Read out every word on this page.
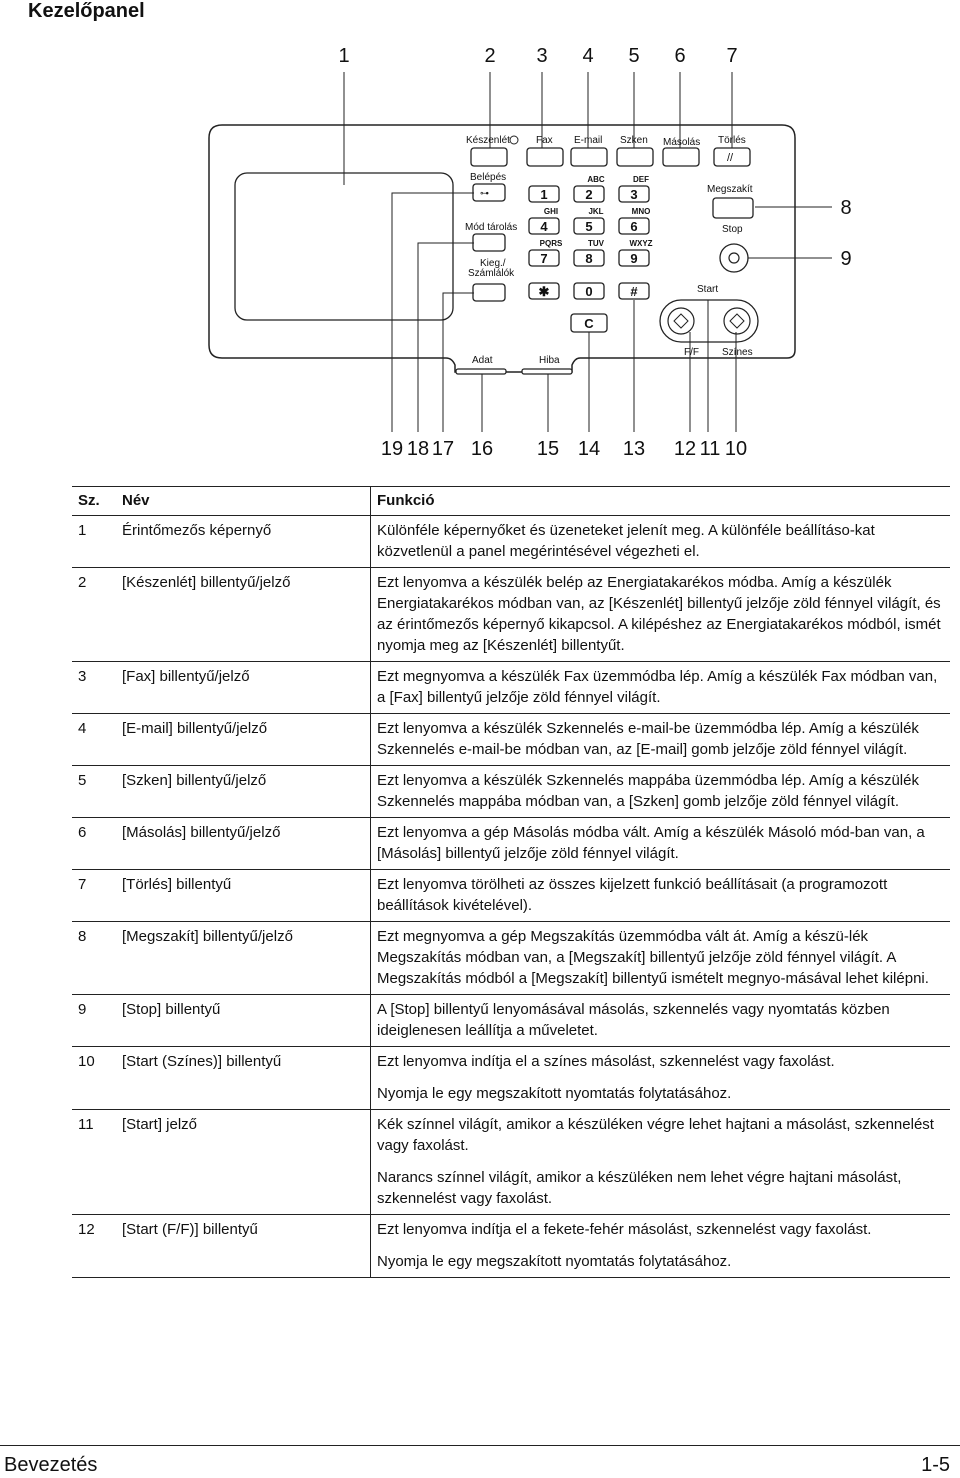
Kezelőpanel
1	2 3 4 5 6 7
8
9
Készenlét	Fax E-mail Szken Másolás Törlés
Belépés
Mód tárolás
Kieg./
Számlálók
Megszakít
Stop
Start
Adat	Hiba
F/F Színes
//
⊶	1	2	3
4	5	6
7	8	9
✱	0	#
C
ABC	DEF
GHI	JKL	MNO
PQRS	TUV	WXYZ
19 18 17 16 15 14 13 12 11 10
Sz.	Név	Funkció
1	Érintőmezős képernyő	Különféle képernyőket és üzeneteket jelenít meg. A különféle beállításo-kat közvetlenül a panel megérintésével végezheti el.

2	[Készenlét] billentyű/jelző	Ezt lenyomva a készülék belép az Energiatakarékos módba. Amíg a készülék Energiatakarékos módban van, az [Készenlét] billentyű jelzője zöld fénnyel világít, és az érintőmezős képernyő kikapcsol. A kilépéshez az Energiatakarékos módból, ismét nyomja meg az [Készenlét] billentyűt.

3	[Fax] billentyű/jelző	Ezt megnyomva a készülék Fax üzemmódba lép. Amíg a készülék Fax módban van, a [Fax] billentyű jelzője zöld fénnyel világít.

4	[E-mail] billentyű/jelző	Ezt lenyomva a készülék Szkennelés e-mail-be üzemmódba lép. Amíg a készülék Szkennelés e-mail-be módban van, az [E-mail] gomb jelzője zöld fénnyel világít.

5	[Szken] billentyű/jelző	Ezt lenyomva a készülék Szkennelés mappába üzemmódba lép. Amíg a készülék Szkennelés mappába módban van, a [Szken] gomb jelzője zöld fénnyel világít.

6	[Másolás] billentyű/jelző	Ezt lenyomva a gép Másolás módba vált. Amíg a készülék Másoló mód-ban van, a [Másolás] billentyű jelzője zöld fénnyel világít.

7	[Törlés] billentyű	Ezt lenyomva törölheti az összes kijelzett funkció beállításait (a programozott beállítások kivételével).

8	[Megszakít] billentyű/jelző	Ezt megnyomva a gép Megszakítás üzemmódba vált át. Amíg a készü-lék Megszakítás módban van, a [Megszakít] billentyű jelzője zöld fénnyel világít. A Megszakítás módból a [Megszakít] billentyű ismételt megnyo-másával lehet kilépni.

9	[Stop] billentyű	A [Stop] billentyű lenyomásával másolás, szkennelés vagy nyomtatás közben ideiglenesen leállítja a műveletet.

10	[Start (Színes)] billentyű	Ezt lenyomva indítja el a színes másolást, szkennelést vagy faxolást.

Nyomja le egy megszakított nyomtatás folytatásához.

11	[Start] jelző	Kék színnel világít, amikor a készüléken végre lehet hajtani a másolást, szkennelést vagy faxolást.

Narancs színnel világít, amikor a készüléken nem lehet végre hajtani másolást, szkennelést vagy faxolást.

12	[Start (F/F)] billentyű	Ezt lenyomva indítja el a fekete-fehér másolást, szkennelést vagy faxolást.

Nyomja le egy megszakított nyomtatás folytatásához.

Bevezetés	1-5
